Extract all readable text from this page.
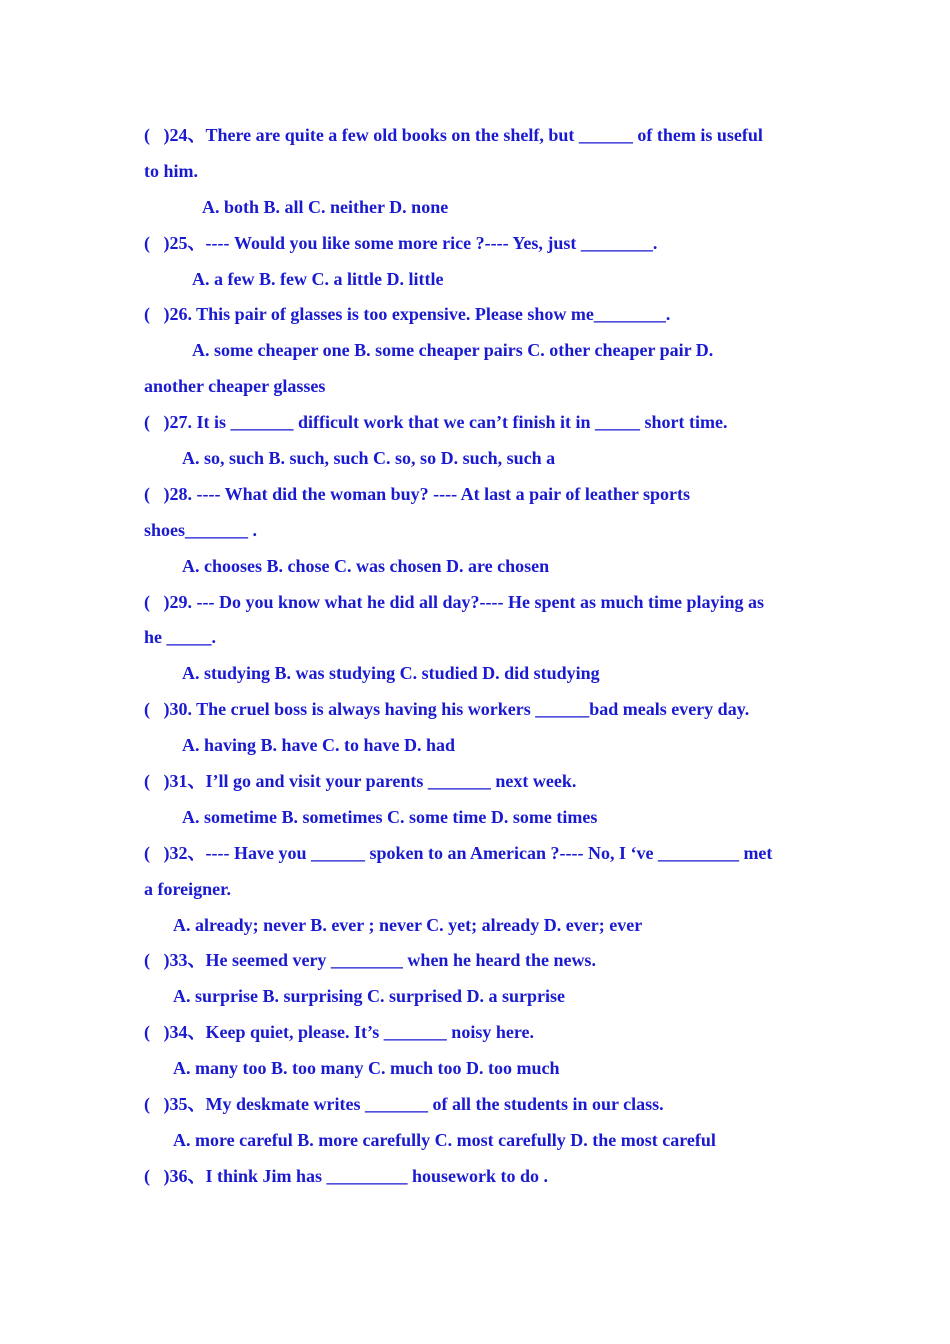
(   )24、There are quite a few old books on the shelf, but ______ of them is useful
to him.
A. both B. all C. neither D. none
(   )25、---- Would you like some more rice ?---- Yes, just ________.
A. a few B. few C. a little D. little
(   )26. This pair of glasses is too expensive. Please show me________.
A. some cheaper one B. some cheaper pairs C. other cheaper pair D.
another cheaper glasses
(   )27. It is _______ difficult work that we can’t finish it in _____ short time.
A. so, such B. such, such C. so, so D. such, such a
(   )28. ---- What did the woman buy? ---- At last a pair of leather sports
shoes_______ .
A. chooses B. chose C. was chosen D. are chosen
(   )29. --- Do you know what he did all day?---- He spent as much time playing as
he _____.
A. studying B. was studying C. studied D. did studying
(   )30. The cruel boss is always having his workers ______bad meals every day.
A. having B. have C. to have D. had
(   )31、I’ll go and visit your parents _______ next week.
A. sometime B. sometimes C. some time D. some times
(   )32、---- Have you ______ spoken to an American ?---- No, I ‘ve _________ met
a foreigner.
A. already; never B. ever ; never C. yet; already D. ever; ever
(   )33、He seemed very ________ when he heard the news.
A. surprise B. surprising C. surprised D. a surprise
(   )34、Keep quiet, please. It’s _______ noisy here.
A. many too B. too many C. much too D. too much
(   )35、My deskmate writes _______ of all the students in our class.
A. more careful B. more carefully C. most carefully D. the most careful
(   )36、I think Jim has _________ housework to do .
